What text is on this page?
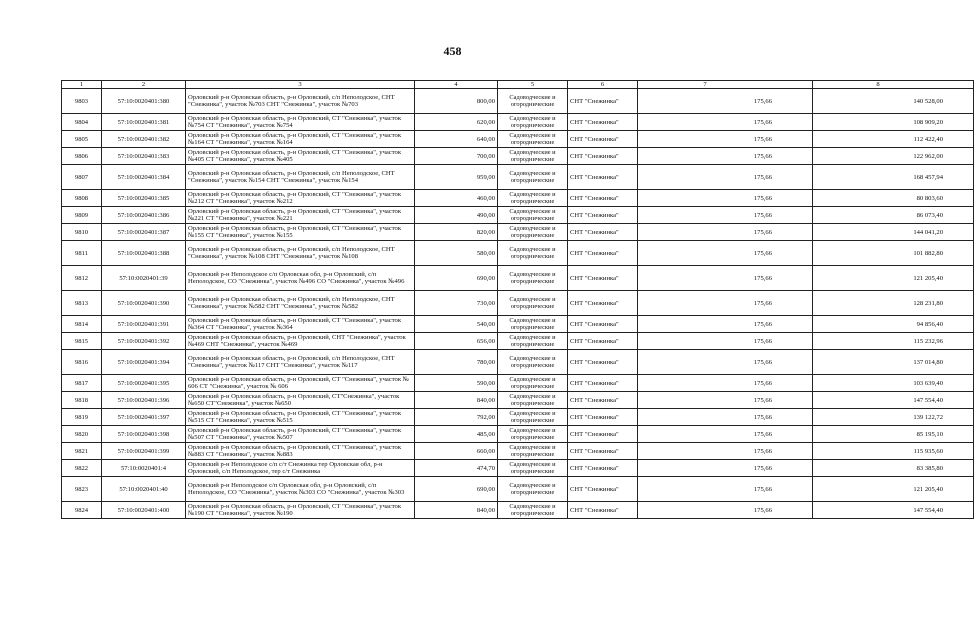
458
1	2	3	4	5	6	7	8
9803	57:10:0020401:380	Орловский р-н Орловская область, р-н Орловский, с/п Неполодское, СНТ "Снежинка", участок №703 СНТ "Снежинка", участок №703	800,00	Садоводческие и огороднические	СНТ "Снежинка"	175,66	140 528,00
9804	57:10:0020401:381	Орловский р-н Орловская область, р-н Орловский, СТ "Снежинка", участок №754 СТ "Снежинка", участок №754	620,00	Садоводческие и огороднические	СНТ "Снежинка"	175,66	108 909,20
9805	57:10:0020401:382	Орловский р-н Орловская область, р-н Орловский, СТ "Снежинка", участок №164 СТ "Снежинка", участок №164	640,00	Садоводческие и огороднические	СНТ "Снежинка"	175,66	112 422,40
9806	57:10:0020401:383	Орловский р-н Орловская область, р-н Орловский, СТ "Снежинка", участок №405 СТ "Снежинка", участок №405	700,00	Садоводческие и огороднические	СНТ "Снежинка"	175,66	122 962,00
9807	57:10:0020401:384	Орловский р-н Орловская область, р-н Орловский, с/п Неполодское, СНТ "Снежинка", участок №154 СНТ "Снежинка", участок №154	959,00	Садоводческие и огороднические	СНТ "Снежинка"	175,66	168 457,94
9808	57:10:0020401:385	Орловский р-н Орловская область, р-н Орловский, СТ "Снежинка", участок №212 СТ "Снежинка", участок №212	460,00	Садоводческие и огороднические	СНТ "Снежинка"	175,66	80 803,60
9809	57:10:0020401:386	Орловский р-н Орловская область, р-н Орловский, СТ "Снежинка", участок №221 СТ "Снежинка", участок №221	490,00	Садоводческие и огороднические	СНТ "Снежинка"	175,66	86 073,40
9810	57:10:0020401:387	Орловский р-н Орловская область, р-н Орловский, СТ "Снежинка", участок №155 СТ "Снежинка", участок №155	820,00	Садоводческие и огороднические	СНТ "Снежинка"	175,66	144 041,20
9811	57:10:0020401:388	Орловский р-н Орловская область, р-н Орловский, с/п Неполодское, СНТ "Снежинка", участок №108 СНТ "Снежинка", участок №108	580,00	Садоводческие и огороднические	СНТ "Снежинка"	175,66	101 882,80
9812	57:10:0020401:39	Орловский р-н Неполодское с/п Орловская обл, р-н Орловский, с/п Неполодское, СО "Снежинка", участок №496 СО "Снежинка", участок №496	690,00	Садоводческие и огороднические	СНТ "Снежинка"	175,66	121 205,40
9813	57:10:0020401:390	Орловский р-н Орловская область, р-н Орловский, с/п Неполодское, СНТ "Снежинка", участок №582 СНТ "Снежинка", участок №582	730,00	Садоводческие и огороднические	СНТ "Снежинка"	175,66	128 231,80
9814	57:10:0020401:391	Орловский р-н Орловская область, р-н Орловский, СТ "Снежинка", участок №364 СТ "Снежинка", участок №364	540,00	Садоводческие и огороднические	СНТ "Снежинка"	175,66	94 856,40
9815	57:10:0020401:392	Орловский р-н Орловская область, р-н Орловский, СНТ "Снежинка", участок №469 СНТ "Снежинка", участок №469	656,00	Садоводческие и огороднические	СНТ "Снежинка"	175,66	115 232,96
9816	57:10:0020401:394	Орловский р-н Орловская область, р-н Орловский, с/п Неполодское, СНТ "Снежинка", участок №117 СНТ "Снежинка", участок №117	780,00	Садоводческие и огороднические	СНТ "Снежинка"	175,66	137 014,80
9817	57:10:0020401:395	Орловский р-н Орловская область, р-н Орловский, СТ "Снежинка", участок № 606 СТ "Снежинка", участок № 606	590,00	Садоводческие и огороднические	СНТ "Снежинка"	175,66	103 639,40
9818	57:10:0020401:396	Орловский р-н Орловская область, р-н Орловский, СТ"Снежинка", участок №650 СТ"Снежинка", участок №650	840,00	Садоводческие и огороднические	СНТ "Снежинка"	175,66	147 554,40
9819	57:10:0020401:397	Орловский р-н Орловская область, р-н Орловский, СТ "Снежинка", участок №515 СТ "Снежинка", участок №515	792,00	Садоводческие и огороднические	СНТ "Снежинка"	175,66	139 122,72
9820	57:10:0020401:398	Орловский р-н Орловская область, р-н Орловский, СТ "Снежинка", участок №507 СТ "Снежинка", участок №507	485,00	Садоводческие и огороднические	СНТ "Снежинка"	175,66	85 195,10
9821	57:10:0020401:399	Орловский р-н Орловская область, р-н Орловский, СТ "Снежинка", участок №883 СТ "Снежинка", участок №883	660,00	Садоводческие и огороднические	СНТ "Снежинка"	175,66	115 935,60
9822	57:10:0020401:4	Орловский р-н Неполодское с/п с/т Снежинка тер Орловская обл, р-н Орловский, с/п Неполодское, тер с/т Снежинка	474,70	Садоводческие и огороднические	СНТ "Снежинка"	175,66	83 385,80
9823	57:10:0020401:40	Орловский р-н Неполодское с/п Орловская обл, р-н Орловский, с/п Неполодское, СО "Снежинка", участок №303 СО "Снежинка", участок №303	690,00	Садоводческие и огороднические	СНТ "Снежинка"	175,66	121 205,40
9824	57:10:0020401:400	Орловский р-н Орловская область, р-н Орловский, СТ "Снежинка", участок №190 СТ "Снежинка", участок №190	840,00	Садоводческие и огороднические	СНТ "Снежинка"	175,66	147 554,40
